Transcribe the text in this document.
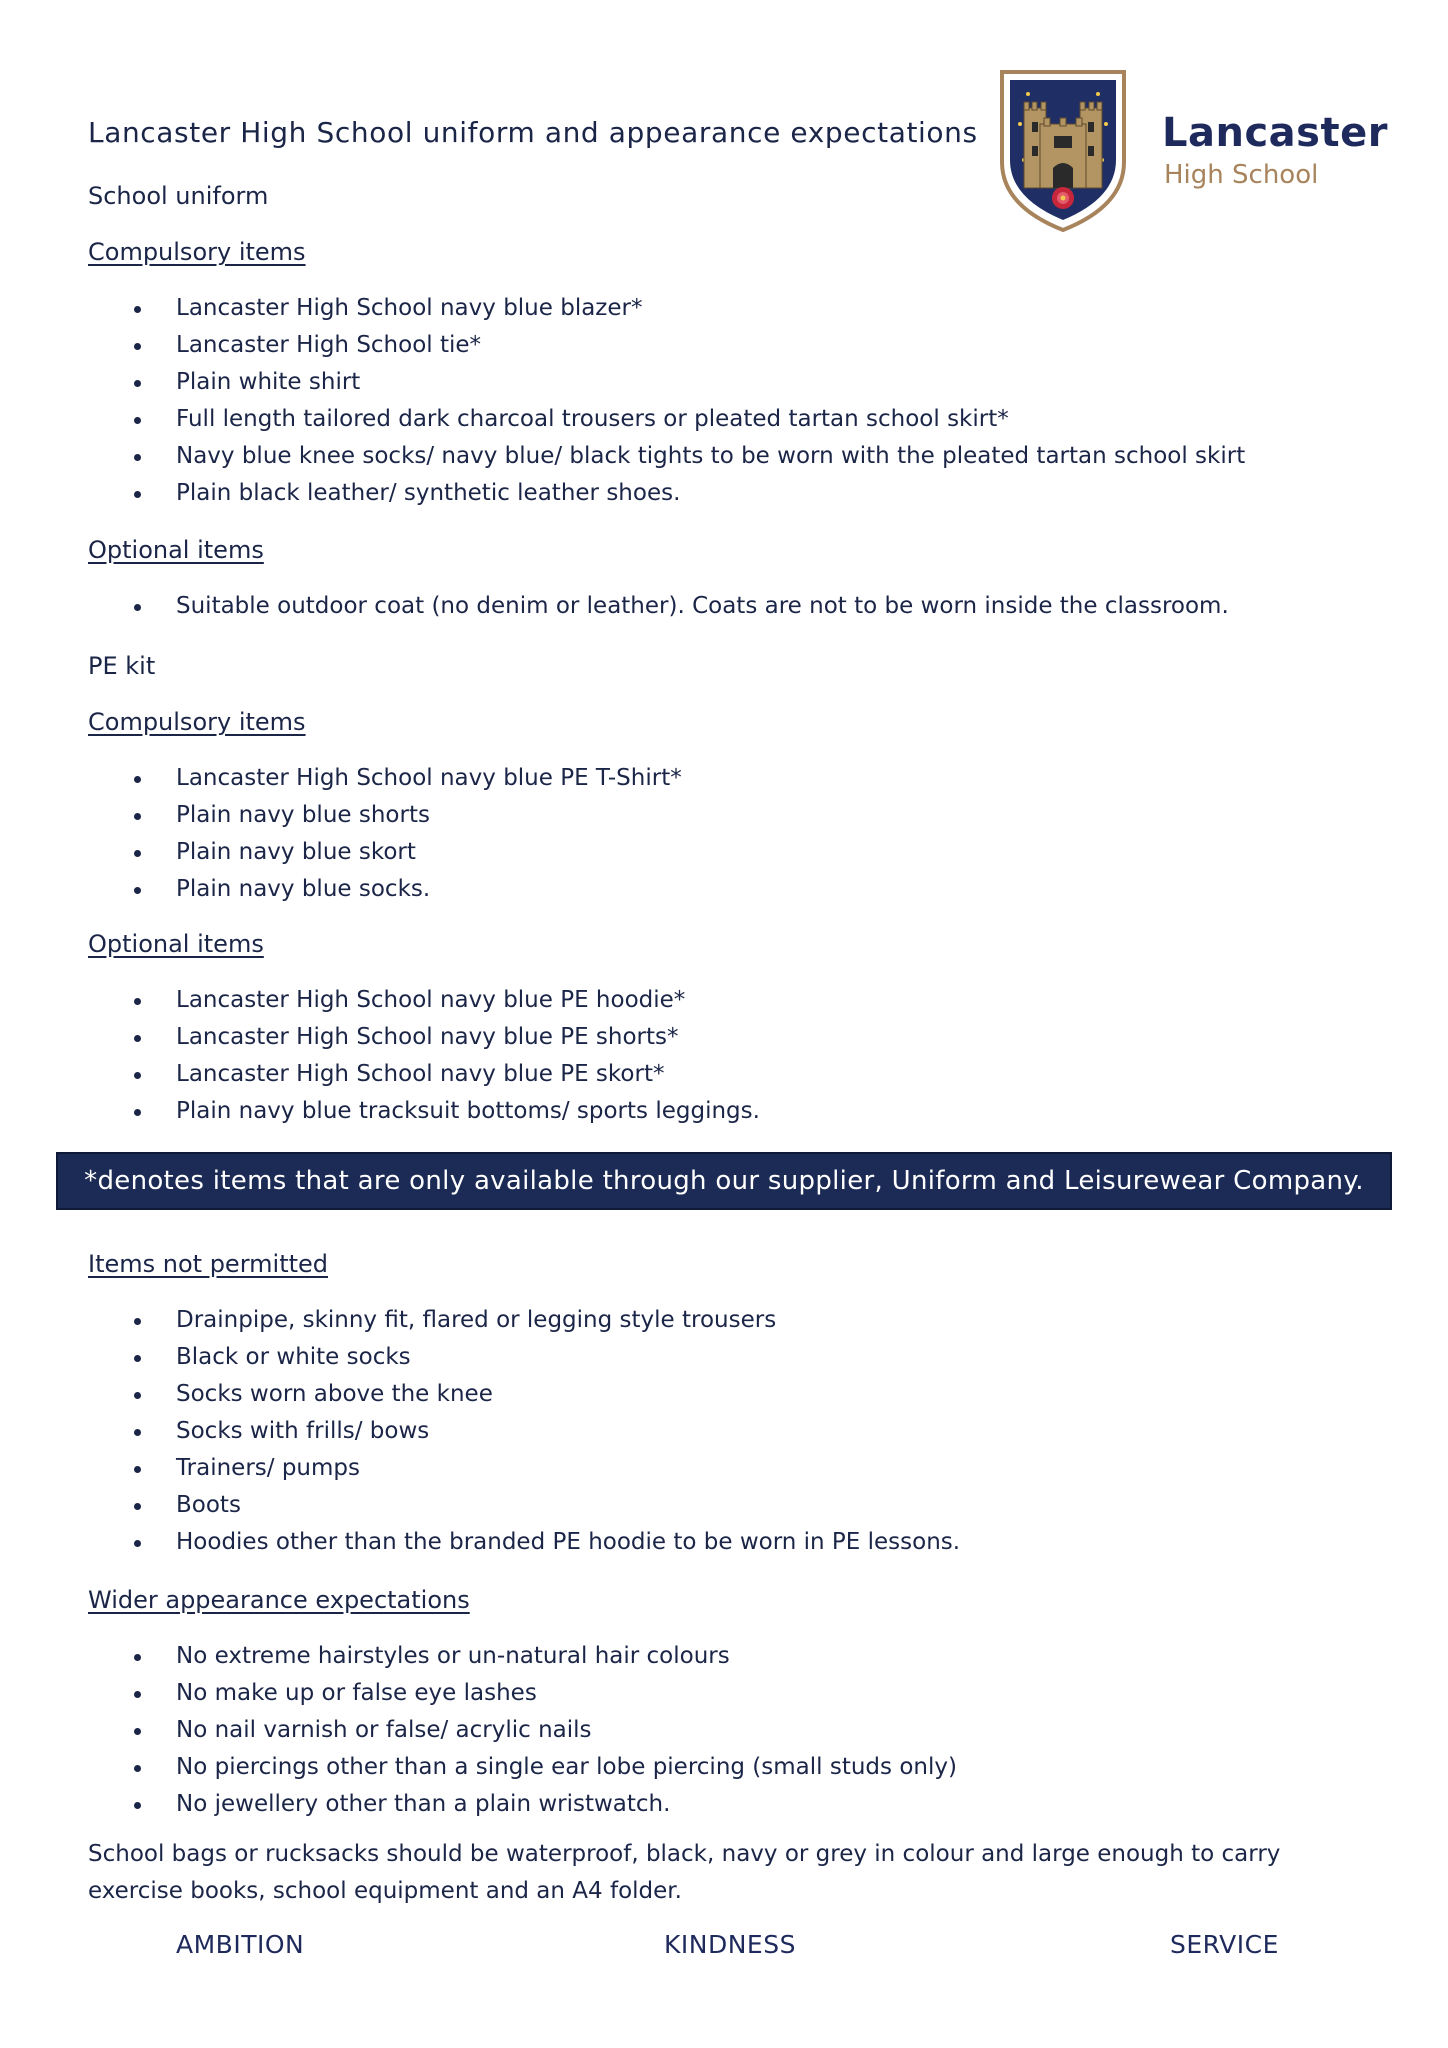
Lancaster High School uniform and appearance expectations	Lancaster
High School
School uniform
Compulsory items
Lancaster High School navy blue blazer*
Lancaster High School tie*
Plain white shirt
Full length tailored dark charcoal trousers or pleated tartan school skirt*
Navy blue knee socks/ navy blue/ black tights to be worn with the pleated tartan school skirt
Plain black leather/ synthetic leather shoes.
Optional items
Suitable outdoor coat (no denim or leather). Coats are not to be worn inside the classroom.
PE kit
Compulsory items
Lancaster High School navy blue PE T-Shirt*
Plain navy blue shorts
Plain navy blue skort
Plain navy blue socks.
Optional items
Lancaster High School navy blue PE hoodie*
Lancaster High School navy blue PE shorts*
Lancaster High School navy blue PE skort*
Plain navy blue tracksuit bottoms/ sports leggings.
*denotes items that are only available through our supplier, Uniform and Leisurewear Company.
Items not permitted
Drainpipe, skinny fit, flared or legging style trousers
Black or white socks
Socks worn above the knee
Socks with frills/ bows
Trainers/ pumps
Boots
Hoodies other than the branded PE hoodie to be worn in PE lessons.
Wider appearance expectations
No extreme hairstyles or un-natural hair colours
No make up or false eye lashes
No nail varnish or false/ acrylic nails
No piercings other than a single ear lobe piercing (small studs only)
No jewellery other than a plain wristwatch.

School bags or rucksacks should be waterproof, black, navy or grey in colour and large enough to carry exercise books, school equipment and an A4 folder.

AMBITION	KINDNESS	SERVICE
